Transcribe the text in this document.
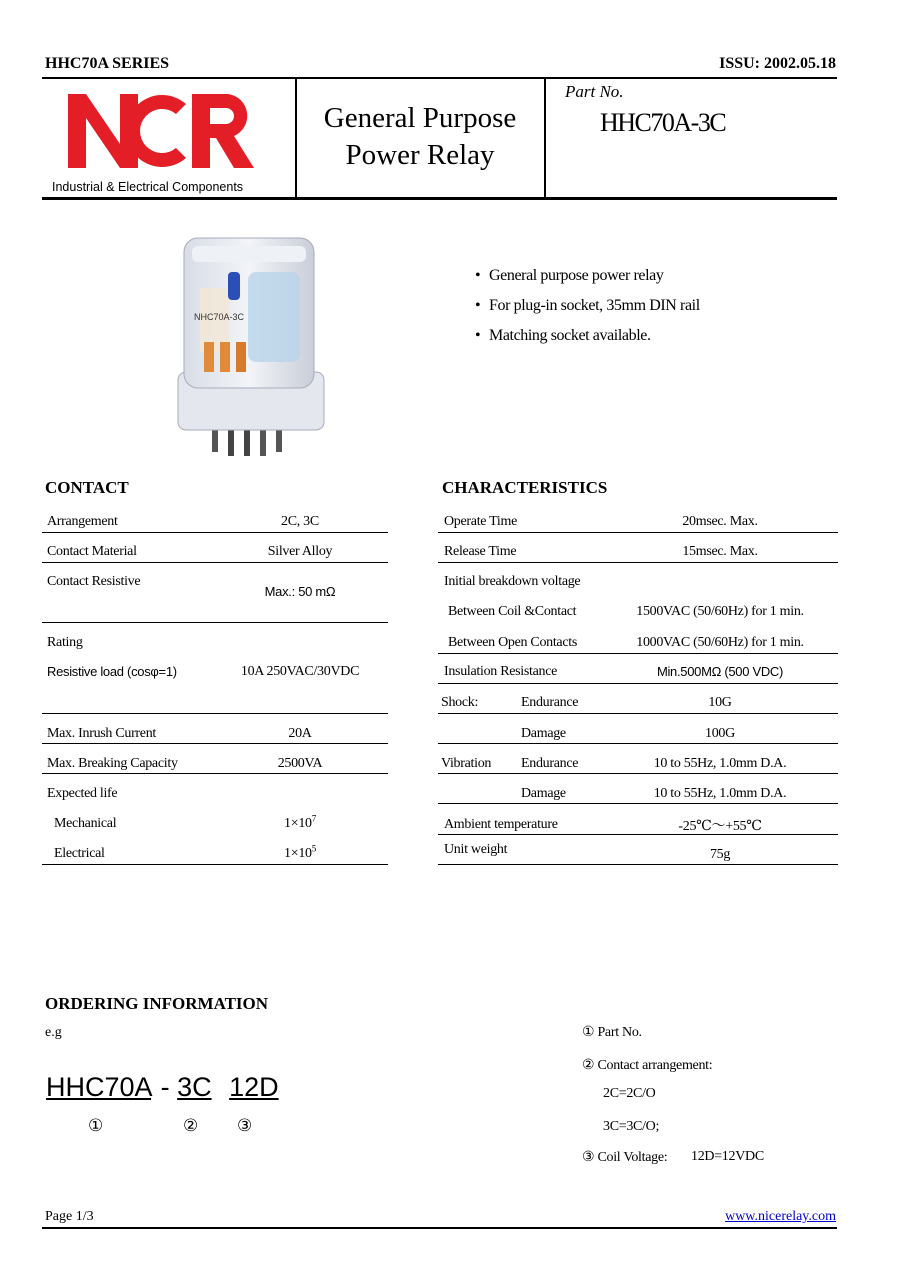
HHC70A SERIES	ISSU: 2002.05.18
Industrial & Electrical Components
General Purpose
Power Relay
Part No.
HHC70A-3C
NHC70A-3C
• General purpose power relay
• For plug-in socket, 35mm DIN rail
• Matching socket available.
CONTACT
Arrangement	2C, 3C
Contact Material	Silver Alloy
Contact Resistive
Max.: 50 mΩ
Rating
Resistive load (cosφ=1)	10A 250VAC/30VDC
Max. Inrush Current	20A
Max. Breaking Capacity	2500VA
Expected life
Mechanical	$1\times 10^7$
Electrical	$1\times 10^5$
CHARACTERISTICS
Operate Time	20msec. Max.
Release Time	15msec. Max.
Initial breakdown voltage
Between Coil &Contact	1500VAC (50/60Hz) for 1 min.
Between Open Contacts	1000VAC (50/60Hz) for 1 min.
Insulation Resistance	Min.500MΩ (500 VDC)
Shock:	Endurance	10G
Damage	100G
Vibration Endurance	10 to 55Hz, 1.0mm D.A.
Damage	10 to 55Hz, 1.0mm D.A.
Ambient temperature	-25℃～+55℃
Unit weight	75g
ORDERING INFORMATION
e.g
HHC70A - 3C 12D
①	② ③
① Part No.
② Contact arrangement:
2C=2C/O
3C=3C/O;
③ Coil Voltage: 12D=12VDC
Page 1/3	www.nicerelay.com
